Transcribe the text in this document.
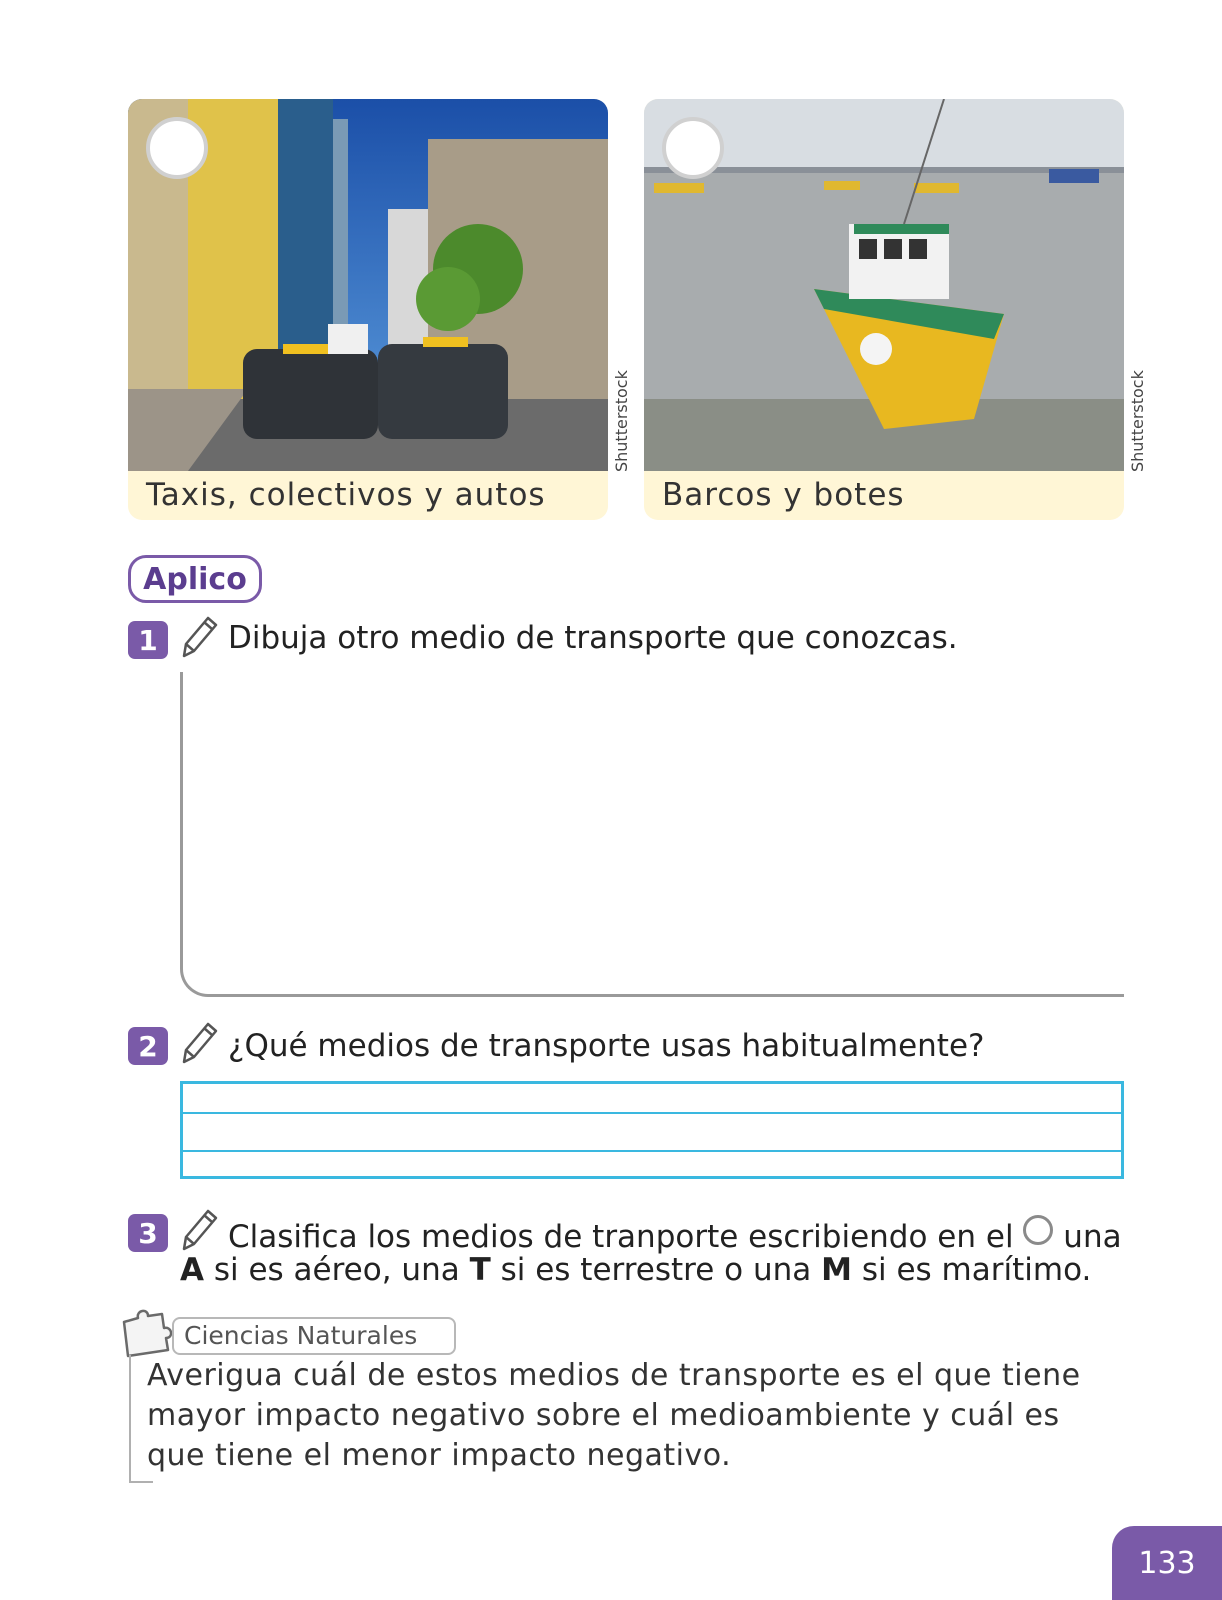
Taxis, colectivos y autos
Shutterstock
Barcos y botes
Shutterstock
Aplico
1	Dibuja otro medio de transporte que conozcas.
2	¿Qué medios de transporte usas habitualmente?
3	Clasifica los medios de tranporte escribiendo en el una
A si es aéreo, una T si es terrestre o una M si es marítimo.
Ciencias Naturales
Averigua cuál de estos medios de transporte es el que tiene mayor impacto negativo sobre el medioambiente y cuál es que tiene el menor impacto negativo.
133
